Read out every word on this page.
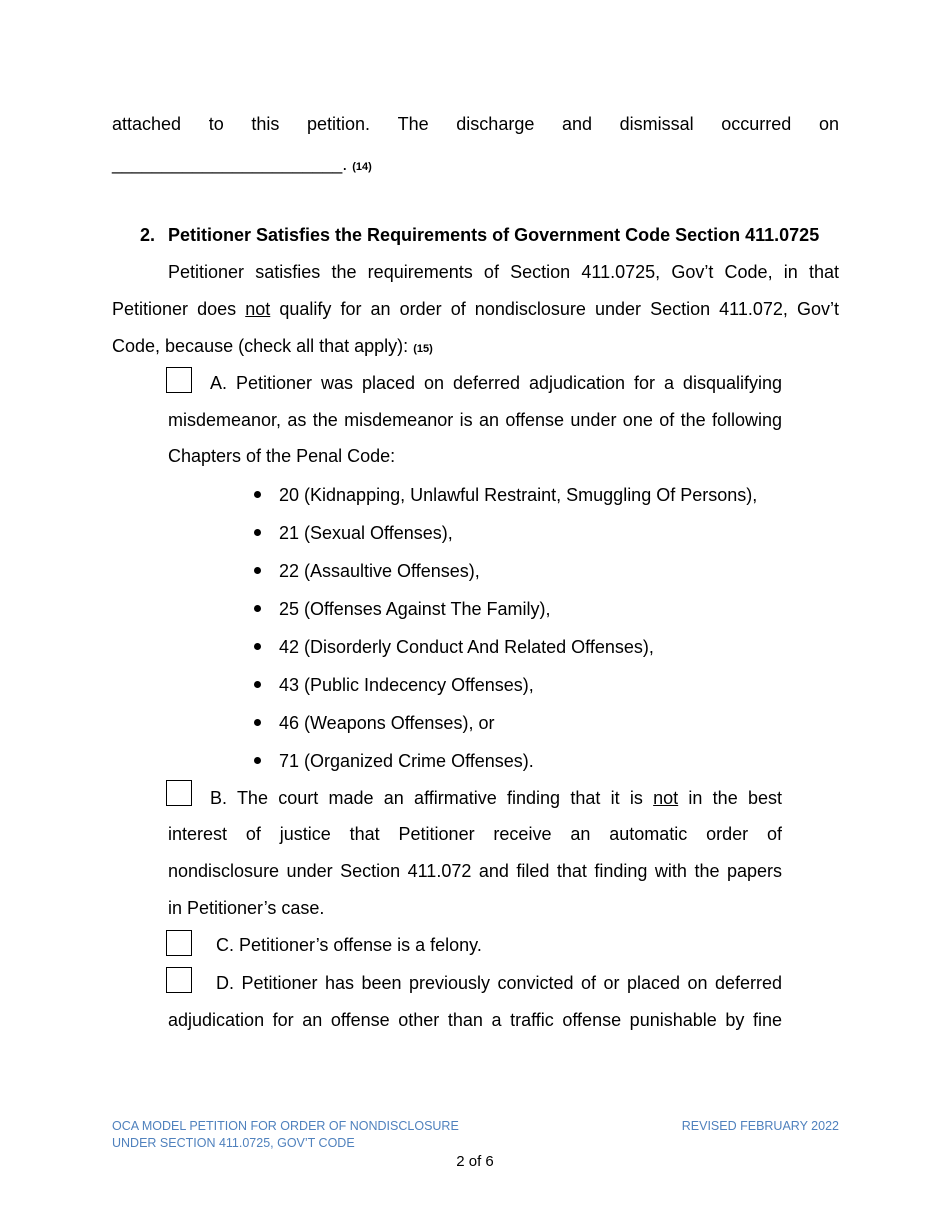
attached to this petition. The discharge and dismissal occurred on
_______________________. (14)
2. Petitioner Satisfies the Requirements of Government Code Section 411.0725
Petitioner satisfies the requirements of Section 411.0725, Gov’t Code, in that
Petitioner does not qualify for an order of nondisclosure under Section 411.072, Gov’t
Code, because (check all that apply): (15)
A. Petitioner was placed on deferred adjudication for a disqualifying
misdemeanor, as the misdemeanor is an offense under one of the following
Chapters of the Penal Code:
20 (Kidnapping, Unlawful Restraint, Smuggling Of Persons),
21 (Sexual Offenses),
22 (Assaultive Offenses),
25 (Offenses Against The Family),
42 (Disorderly Conduct And Related Offenses),
43 (Public Indecency Offenses),
46 (Weapons Offenses), or
71 (Organized Crime Offenses).
B. The court made an affirmative finding that it is not in the best
interest of justice that Petitioner receive an automatic order of
nondisclosure under Section 411.072 and filed that finding with the papers
in Petitioner’s case.
C. Petitioner’s offense is a felony.
D. Petitioner has been previously convicted of or placed on deferred
adjudication for an offense other than a traffic offense punishable by fine
OCA MODEL PETITION FOR ORDER OF NONDISCLOSURE
UNDER SECTION 411.0725, GOV’T CODE
REVISED FEBRUARY 2022
2 of 6
